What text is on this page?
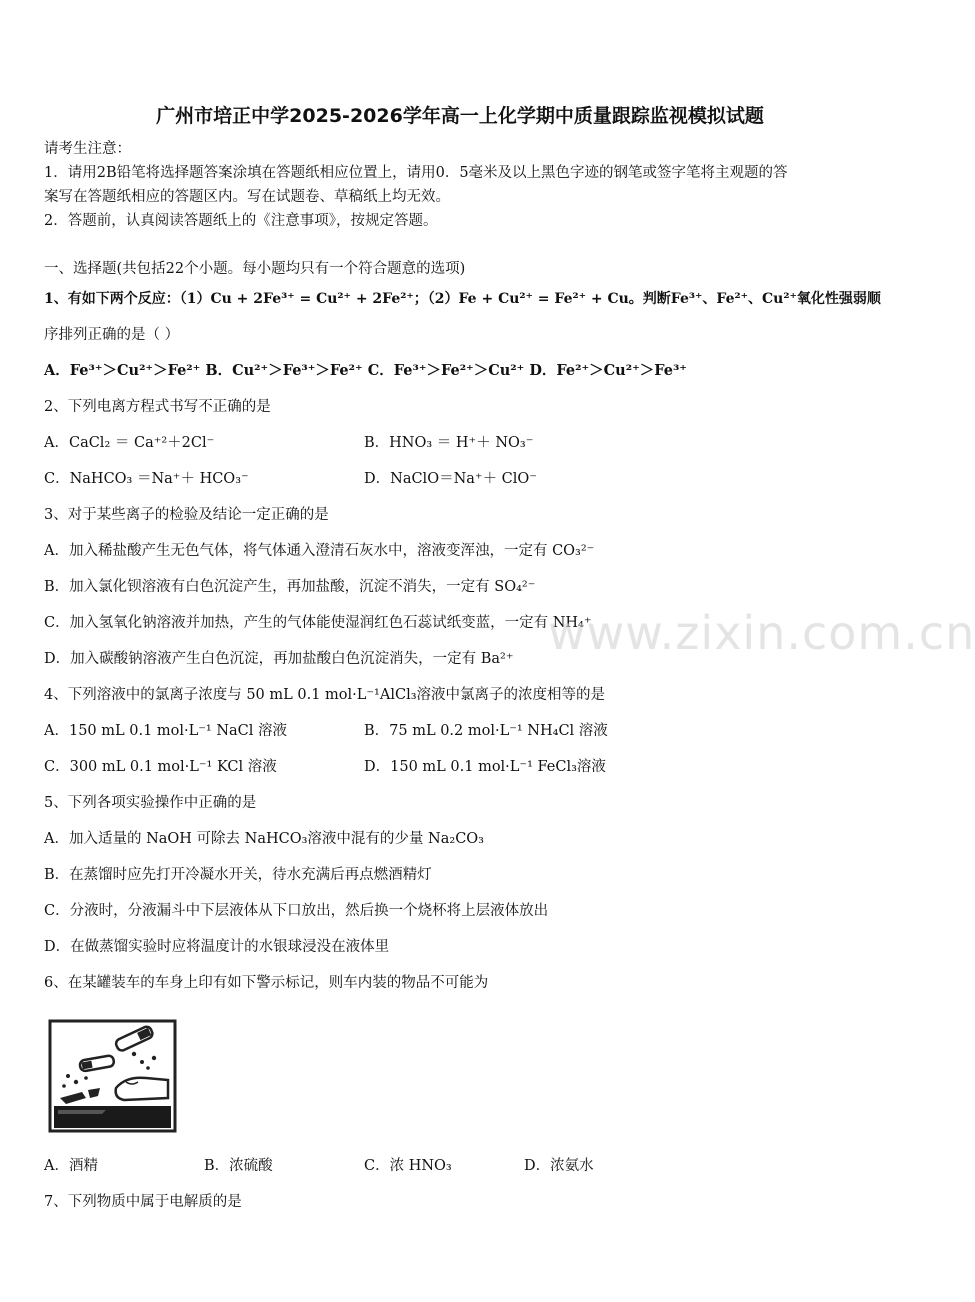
广州市培正中学2025-2026学年高一上化学期中质量跟踪监视模拟试题
请考生注意：
1．请用2B铅笔将选择题答案涂填在答题纸相应位置上，请用0．5毫米及以上黑色字迹的钢笔或签字笔将主观题的答
案写在答题纸相应的答题区内。写在试题卷、草稿纸上均无效。
2．答题前，认真阅读答题纸上的《注意事项》，按规定答题。
一、选择题(共包括22个小题。每小题均只有一个符合题意的选项)
1、有如下两个反应：（1）Cu + 2Fe³⁺ = Cu²⁺ + 2Fe²⁺；（2）Fe + Cu²⁺ = Fe²⁺ + Cu。判断Fe³⁺、Fe²⁺、Cu²⁺氧化性强弱顺
序排列正确的是（ ）
A．Fe³⁺＞Cu²⁺＞Fe²⁺ B．Cu²⁺＞Fe³⁺＞Fe²⁺ C．Fe³⁺＞Fe²⁺＞Cu²⁺ D．Fe²⁺＞Cu²⁺＞Fe³⁺
2、下列电离方程式书写不正确的是
A．CaCl₂ ＝ Ca⁺²＋2Cl⁻	B．HNO₃ ＝ H⁺＋ NO₃⁻
C．NaHCO₃ ＝Na⁺＋ HCO₃⁻	D．NaClO＝Na⁺＋ ClO⁻
3、对于某些离子的检验及结论一定正确的是
A．加入稀盐酸产生无色气体，将气体通入澄清石灰水中，溶液变浑浊，一定有 CO₃²⁻
B．加入氯化钡溶液有白色沉淀产生，再加盐酸，沉淀不消失，一定有 SO₄²⁻
C．加入氢氧化钠溶液并加热，产生的气体能使湿润红色石蕊试纸变蓝，一定有 NH₄⁺
D．加入碳酸钠溶液产生白色沉淀，再加盐酸白色沉淀消失，一定有 Ba²⁺
4、下列溶液中的氯离子浓度与 50 mL 0.1 mol·L⁻¹AlCl₃溶液中氯离子的浓度相等的是
A．150 mL 0.1 mol·L⁻¹ NaCl 溶液	B．75 mL 0.2 mol·L⁻¹ NH₄Cl 溶液
C．300 mL 0.1 mol·L⁻¹ KCl 溶液	D．150 mL 0.1 mol·L⁻¹ FeCl₃溶液
5、下列各项实验操作中正确的是
A．加入适量的 NaOH 可除去 NaHCO₃溶液中混有的少量 Na₂CO₃
B．在蒸馏时应先打开冷凝水开关，待水充满后再点燃酒精灯
C．分液时，分液漏斗中下层液体从下口放出，然后换一个烧杯将上层液体放出
D．在做蒸馏实验时应将温度计的水银球浸没在液体里
6、在某罐装车的车身上印有如下警示标记，则车内装的物品不可能为
A．酒精	B．浓硫酸	C．浓 HNO₃	D．浓氨水
7、下列物质中属于电解质的是
www.zixin.com.cn
